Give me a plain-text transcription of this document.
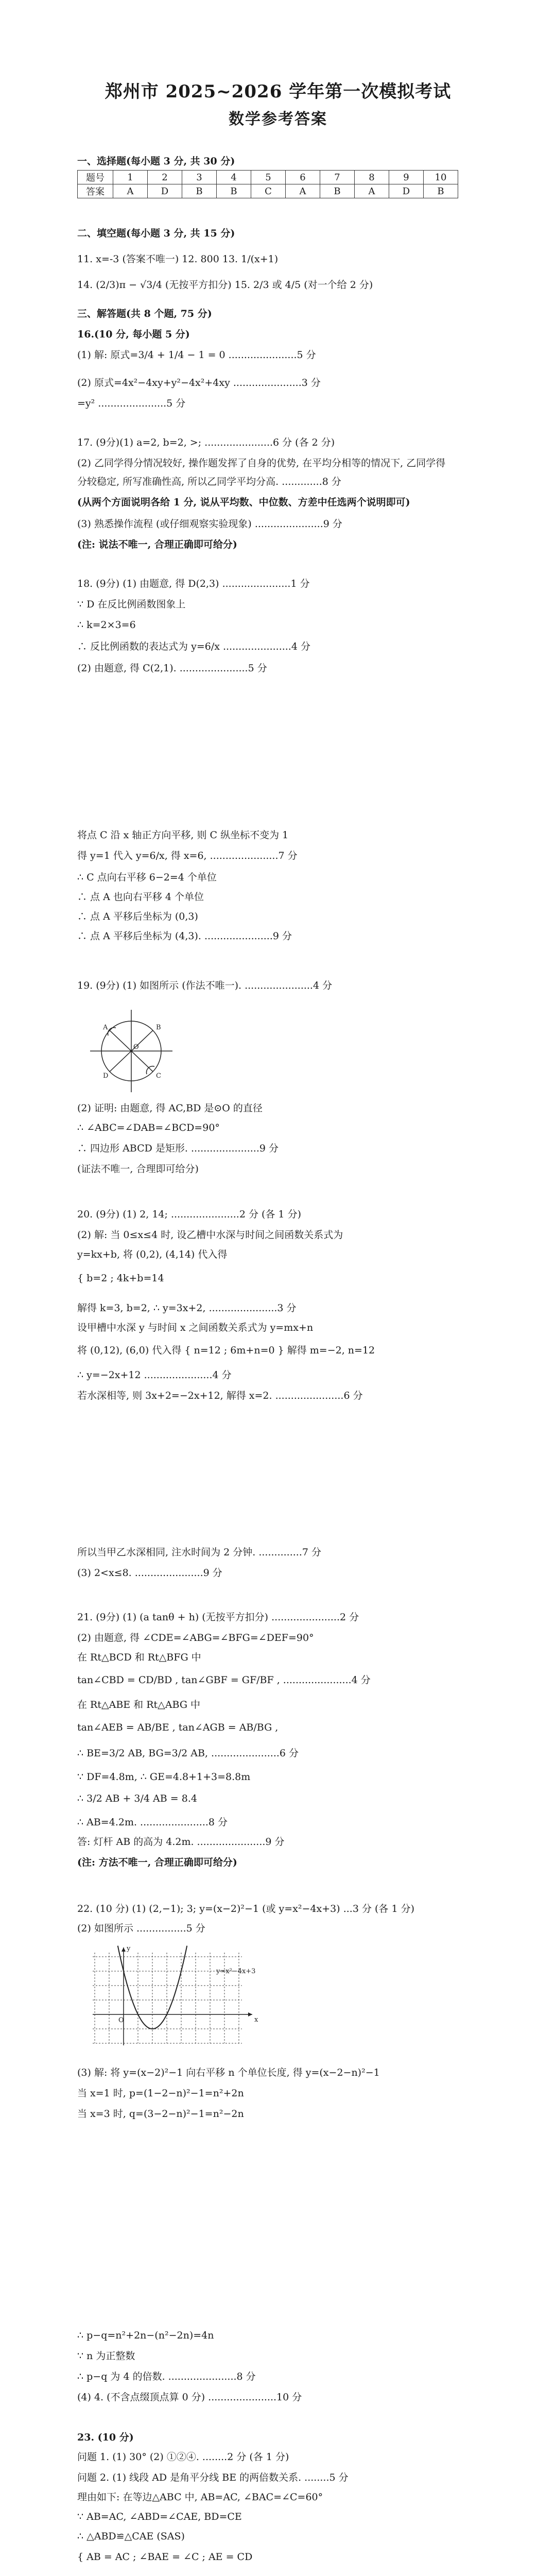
郑州市 2025~2026 学年第一次模拟考试
数学参考答案
一、选择题(每小题 3 分, 共 30 分)
题号	1	2	3	4	5	6	7	8	9	10
答案	A	D	B	B	C	A	B	A	D	B
二、填空题(每小题 3 分, 共 15 分)
11. x=-3 (答案不唯一) 12. 800 13. 1/(x+1)
14. (2/3)π − √3/4 (无按平方扣分) 15. 2/3 或 4/5 (对一个给 2 分)
三、解答题(共 8 个题, 75 分)
16.(10 分, 每小题 5 分)
(1) 解: 原式=3/4 + 1/4 − 1 = 0 ......................5 分
(2) 原式=4x²−4xy+y²−4x²+4xy ......................3 分
=y² ......................5 分
17. (9分)(1) a=2, b=2, >; ......................6 分 (各 2 分)
(2) 乙同学得分情况较好, 操作题发挥了自身的优势, 在平均分相等的情况下, 乙同学得
分较稳定, 所写准确性高, 所以乙同学平均分高. .............8 分
(从两个方面说明各给 1 分, 说从平均数、中位数、方差中任选两个说明即可)
(3) 熟悉操作流程 (或仔细观察实验现象) ......................9 分
(注: 说法不唯一, 合理正确即可给分)
18. (9分) (1) 由题意, 得 D(2,3) ......................1 分
∵ D 在反比例函数图象上
∴ k=2×3=6
∴ 反比例函数的表达式为 y=6/x ......................4 分
(2) 由题意, 得 C(2,1). ......................5 分
将点 C 沿 x 轴正方向平移, 则 C 纵坐标不变为 1
得 y=1 代入 y=6/x, 得 x=6, ......................7 分
∴ C 点向右平移 6−2=4 个单位
∴ 点 A 也向右平移 4 个单位
∴ 点 A 平移后坐标为 (0,3)
∴ 点 A 平移后坐标为 (4,3). ......................9 分
19. (9分) (1) 如图所示 (作法不唯一). ......................4 分
A	B
C
D
O
(2) 证明: 由题意, 得 AC,BD 是⊙O 的直径
∴ ∠ABC=∠DAB=∠BCD=90°
∴ 四边形 ABCD 是矩形. ......................9 分
(证法不唯一, 合理即可给分)
20. (9分) (1) 2, 14; ......................2 分 (各 1 分)
(2) 解: 当 0≤x≤4 时, 设乙槽中水深与时间之间函数关系式为
y=kx+b, 将 (0,2), (4,14) 代入得
{ b=2 ; 4k+b=14
解得 k=3, b=2, ∴ y=3x+2, ......................3 分
设甲槽中水深 y 与时间 x 之间函数关系式为 y=mx+n
将 (0,12), (6,0) 代入得 { n=12 ; 6m+n=0 } 解得 m=−2, n=12
∴ y=−2x+12 ......................4 分
若水深相等, 则 3x+2=−2x+12, 解得 x=2. ......................6 分
所以当甲乙水深相同, 注水时间为 2 分钟. ..............7 分
(3) 2<x≤8. ......................9 分
21. (9分) (1) (a tanθ + h) (无按平方扣分) ......................2 分
(2) 由题意, 得 ∠CDE=∠ABG=∠BFG=∠DEF=90°
在 Rt△BCD 和 Rt△BFG 中
tan∠CBD = CD/BD , tan∠GBF = GF/BF , ......................4 分
在 Rt△ABE 和 Rt△ABG 中
tan∠AEB = AB/BE , tan∠AGB = AB/BG ,
∴ BE=3/2 AB, BG=3/2 AB, ......................6 分
∵ DF=4.8m, ∴ GE=4.8+1+3=8.8m
∴ 3/2 AB + 3/4 AB = 8.4
∴ AB=4.2m. ......................8 分
答: 灯杆 AB 的高为 4.2m. ......................9 分
(注: 方法不唯一, 合理正确即可给分)
22. (10 分) (1) (2,−1); 3; y=(x−2)²−1 (或 y=x²−4x+3) ...3 分 (各 1 分)
(2) 如图所示 ................5 分
y=x²−4x+3
O	x
y
(3) 解: 将 y=(x−2)²−1 向右平移 n 个单位长度, 得 y=(x−2−n)²−1
当 x=1 时, p=(1−2−n)²−1=n²+2n
当 x=3 时, q=(3−2−n)²−1=n²−2n
∴ p−q=n²+2n−(n²−2n)=4n
∵ n 为正整数
∴ p−q 为 4 的倍数. ......................8 分
(4) 4. (不含点缀顶点算 0 分) ......................10 分
23. (10 分)
问题 1. (1) 30° (2) ①②④. ........2 分 (各 1 分)
问题 2. (1) 线段 AD 是角平分线 BE 的两倍数关系. ........5 分
理由如下: 在等边△ABC 中, AB=AC, ∠BAC=∠C=60°
∵ AB=AC, ∠ABD=∠CAE, BD=CE
∴ △ABD≌△CAE (SAS)
{ AB = AC ; ∠BAE = ∠C ; AE = CD
